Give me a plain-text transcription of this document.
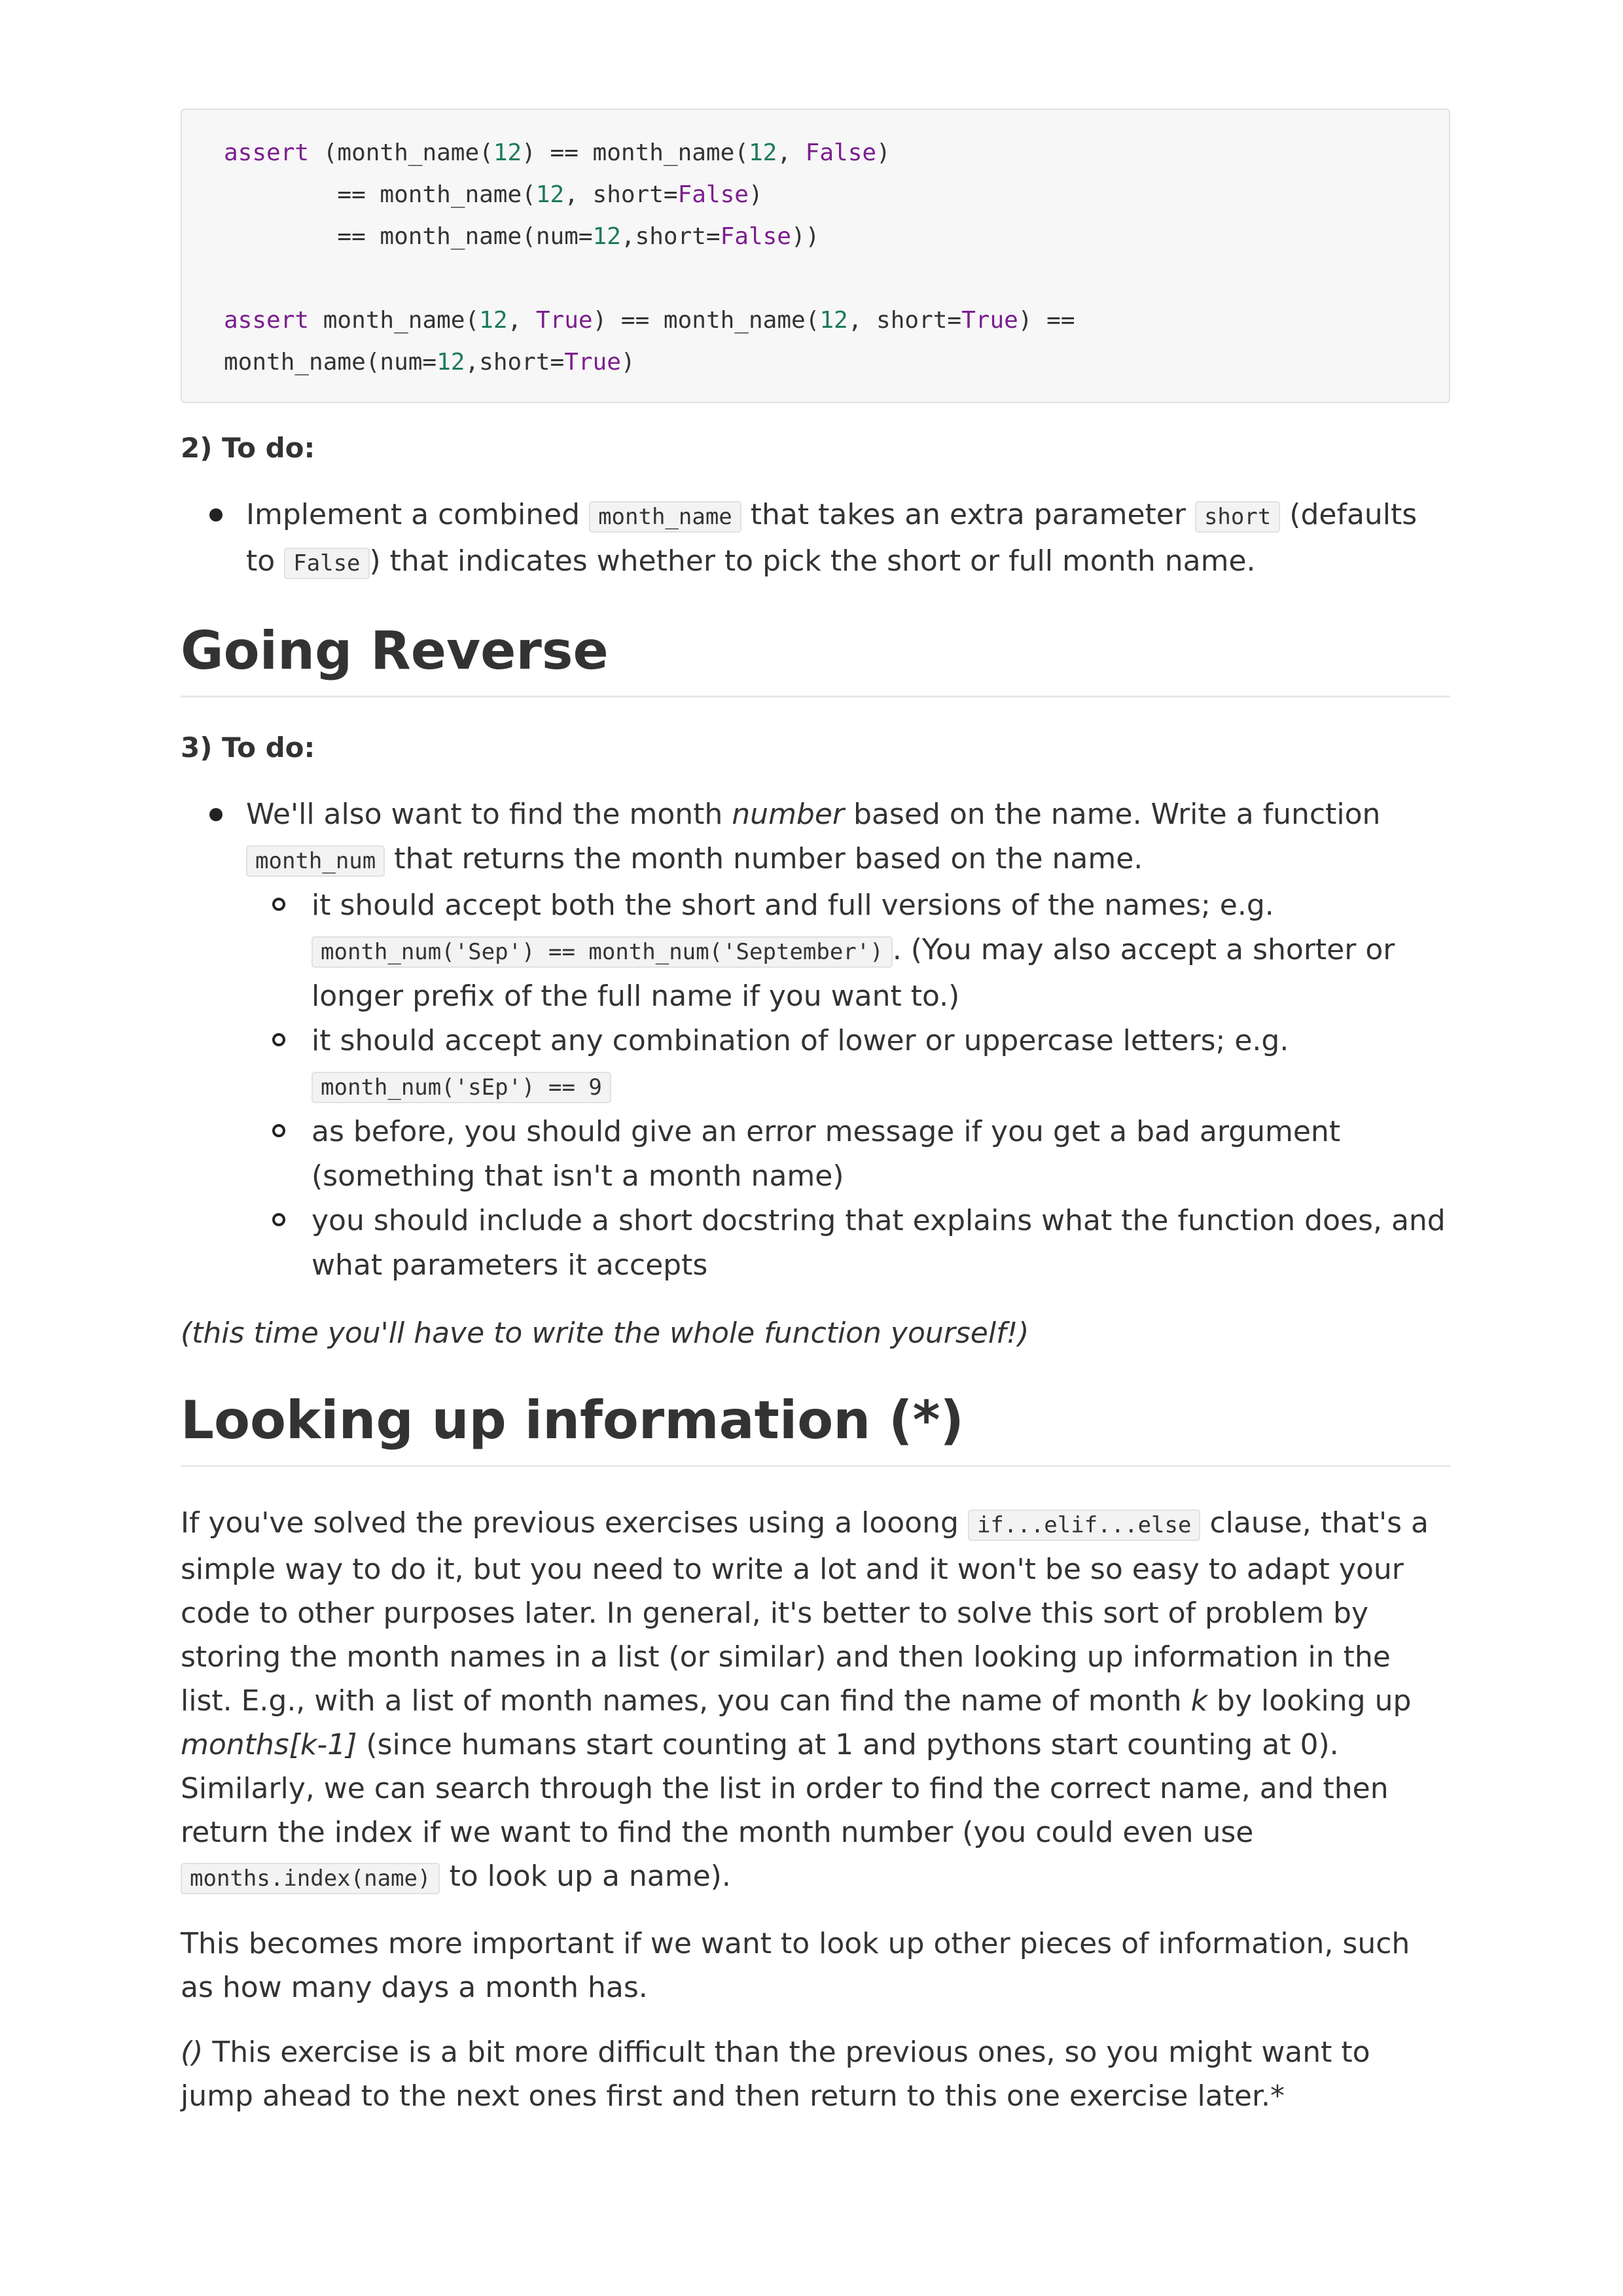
assert (month_name(12) == month_name(12, False)
== month_name(12, short=False)
== month_name(num=12,short=False))

assert month_name(12, True) == month_name(12, short=True) ==
month_name(num=12,short=True)
2) To do:
Implement a combined month_name that takes an extra parameter short (defaults to False ) that indicates whether to pick the short or full month name.
Going Reverse
3) To do:
We'll also want to find the month number based on the name. Write a function month_num that returns the month number based on the name.
it should accept both the short and full versions of the names; e.g. month_num('Sep') == month_num('September') . (You may also accept a shorter or longer prefix of the full name if you want to.)
it should accept any combination of lower or uppercase letters; e.g. month_num('sEp') == 9
as before, you should give an error message if you get a bad argument (something that isn't a month name)
you should include a short docstring that explains what the function does, and what parameters it accepts

(this time you'll have to write the whole function yourself!)

Looking up information (*)

If you've solved the previous exercises using a looong if...elif...else clause, that's a simple way to do it, but you need to write a lot and it won't be so easy to adapt your code to other purposes later. In general, it's better to solve this sort of problem by storing the month names in a list (or similar) and then looking up information in the list. E.g., with a list of month names, you can find the name of month k by looking up months[k-1] (since humans start counting at 1 and pythons start counting at 0). Similarly, we can search through the list in order to find the correct name, and then return the index if we want to find the month number (you could even use months.index(name) to look up a name).

This becomes more important if we want to look up other pieces of information, such as how many days a month has.

() This exercise is a bit more difficult than the previous ones, so you might want to jump ahead to the next ones first and then return to this one exercise later.*
